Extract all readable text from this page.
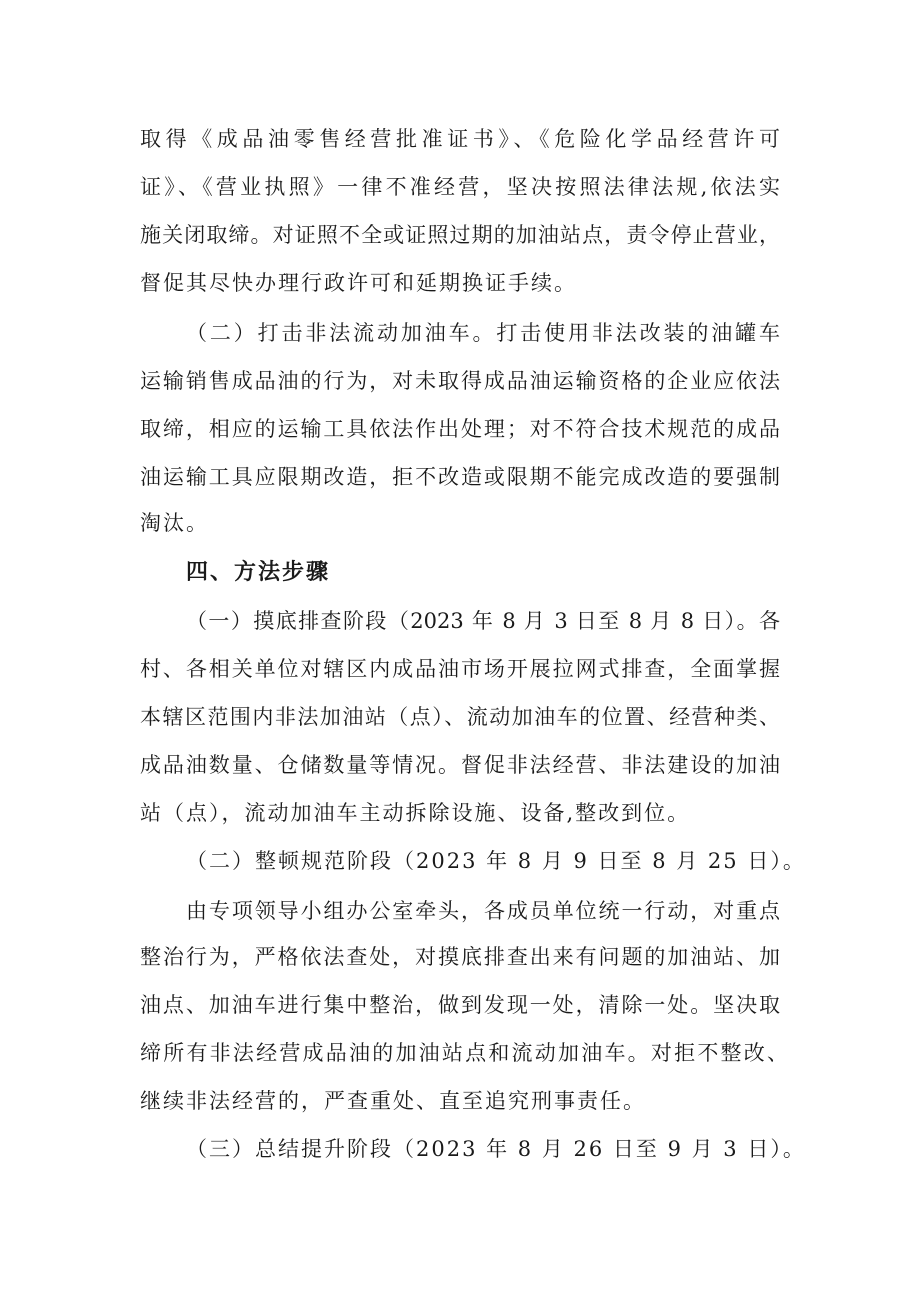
取得《成品油零售经营批准证书》、《危险化学品经营许可
证》、《营业执照》一律不准经营，坚决按照法律法规,依法实
施关闭取缔。对证照不全或证照过期的加油站点，责令停止营业，
督促其尽快办理行政许可和延期换证手续。
（二）打击非法流动加油车。打击使用非法改装的油罐车
运输销售成品油的行为，对未取得成品油运输资格的企业应依法
取缔，相应的运输工具依法作出处理；对不符合技术规范的成品
油运输工具应限期改造，拒不改造或限期不能完成改造的要强制
淘汰。
四、方法步骤
（一）摸底排查阶段（2023 年 8 月 3 日至 8 月 8 日）。各
村、各相关单位对辖区内成品油市场开展拉网式排查，全面掌握
本辖区范围内非法加油站（点）、流动加油车的位置、经营种类、
成品油数量、仓储数量等情况。督促非法经营、非法建设的加油
站（点），流动加油车主动拆除设施、设备,整改到位。
（二）整顿规范阶段（2023 年 8 月 9 日至 8 月 25 日）。
由专项领导小组办公室牵头，各成员单位统一行动，对重点
整治行为，严格依法查处，对摸底排查出来有问题的加油站、加
油点、加油车进行集中整治，做到发现一处，清除一处。坚决取
缔所有非法经营成品油的加油站点和流动加油车。对拒不整改、
继续非法经营的，严查重处、直至追究刑事责任。
（三）总结提升阶段（2023 年 8 月 26 日至 9 月 3 日）。
